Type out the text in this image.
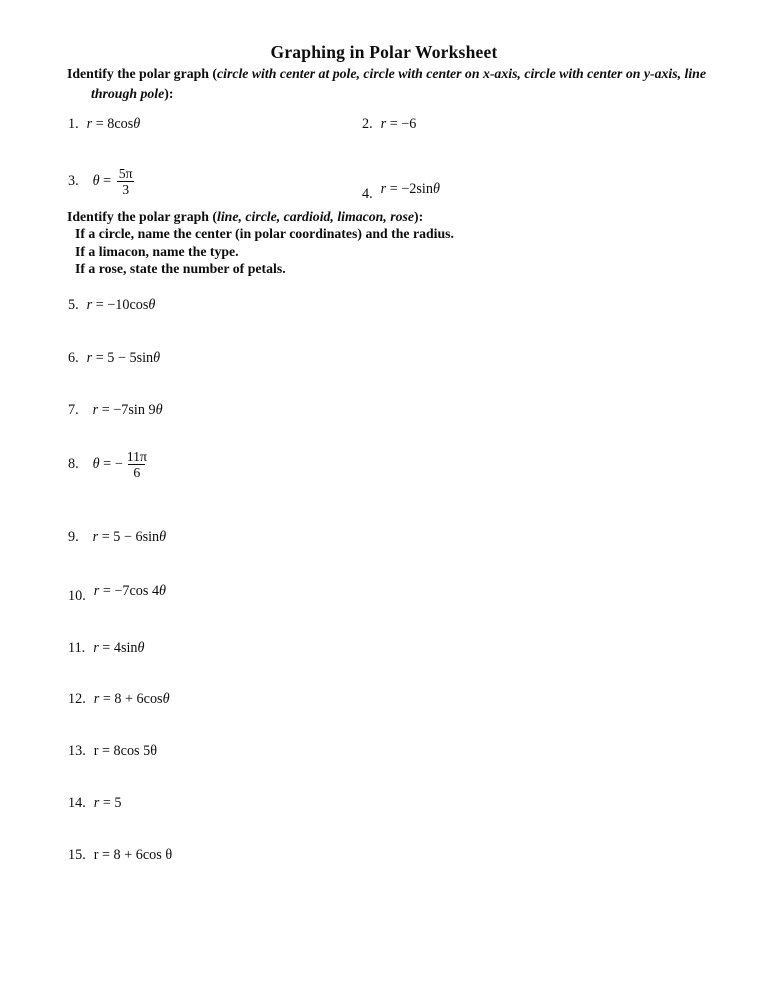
Graphing in Polar Worksheet
Identify the polar graph (circle with center at pole, circle with center on x-axis, circle with center on y-axis, line through pole):
Identify the polar graph (line, circle, cardioid, limacon, rose):
If a circle, name the center (in polar coordinates) and the radius.
If a limacon, name the type.
If a rose, state the number of petals.
1. r = 8cosθ	2. r = −6
3. $\theta = \frac{5\pi}{3}$	4. r = −2sinθ
5. r = −10cosθ
6. r = 5 − 5sinθ
7. r = −7sin 9θ
8. θ = − $\frac{11\pi}{6}$
9. r = 5 − 6sinθ
10. r = −7cos 4θ
11. r = 4sinθ
12. r = 8 + 6cosθ
13. r = 8cos 5θ
14. r = 5
15. r = 8 + 6cos θ
